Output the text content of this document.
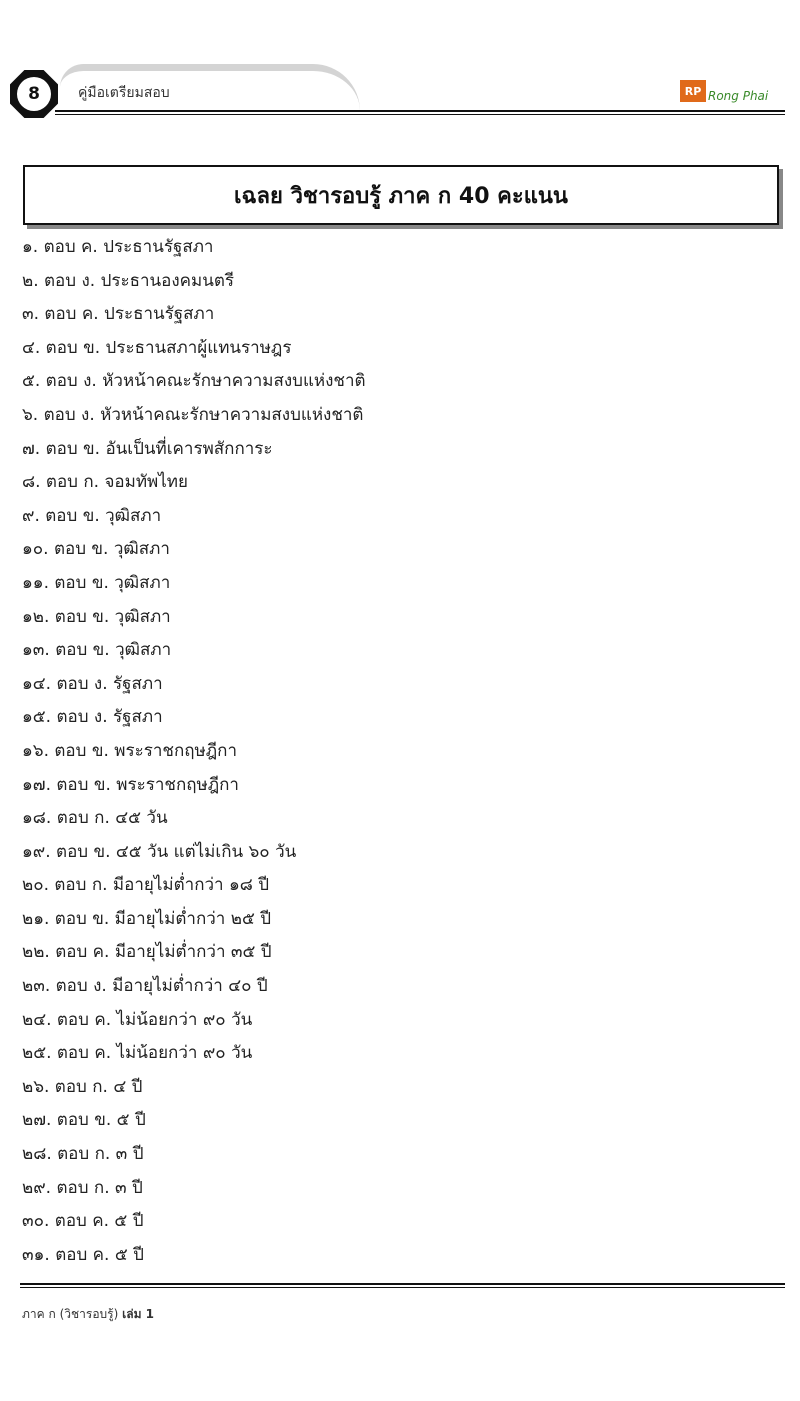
8	คู่มือเตรียมสอบ	RP Rong Phai
เฉลย วิชารอบรู้ ภาค ก 40 คะแนน
๑. ตอบ ค. ประธานรัฐสภา
๒. ตอบ ง. ประธานองคมนตรี
๓. ตอบ ค. ประธานรัฐสภา
๔. ตอบ ข. ประธานสภาผู้แทนราษฎร
๕. ตอบ ง. หัวหน้าคณะรักษาความสงบแห่งชาติ
๖. ตอบ ง. หัวหน้าคณะรักษาความสงบแห่งชาติ
๗. ตอบ ข. อันเป็นที่เคารพสักการะ
๘. ตอบ ก. จอมทัพไทย
๙. ตอบ ข. วุฒิสภา
๑๐. ตอบ ข. วุฒิสภา
๑๑. ตอบ ข. วุฒิสภา
๑๒. ตอบ ข. วุฒิสภา
๑๓. ตอบ ข. วุฒิสภา
๑๔. ตอบ ง. รัฐสภา
๑๕. ตอบ ง. รัฐสภา
๑๖. ตอบ ข. พระราชกฤษฎีกา
๑๗. ตอบ ข. พระราชกฤษฎีกา
๑๘. ตอบ ก. ๔๕ วัน
๑๙. ตอบ ข. ๔๕ วัน แต่ไม่เกิน ๖๐ วัน
๒๐. ตอบ ก. มีอายุไม่ต่ำกว่า ๑๘ ปี
๒๑. ตอบ ข. มีอายุไม่ต่ำกว่า ๒๕ ปี
๒๒. ตอบ ค. มีอายุไม่ต่ำกว่า ๓๕ ปี
๒๓. ตอบ ง. มีอายุไม่ต่ำกว่า ๔๐ ปี
๒๔. ตอบ ค. ไม่น้อยกว่า ๙๐ วัน
๒๕. ตอบ ค. ไม่น้อยกว่า ๙๐ วัน
๒๖. ตอบ ก. ๔ ปี
๒๗. ตอบ ข. ๕ ปี
๒๘. ตอบ ก. ๓ ปี
๒๙. ตอบ ก. ๓ ปี
๓๐. ตอบ ค. ๕ ปี
๓๑. ตอบ ค. ๕ ปี
ภาค ก (วิชารอบรู้) เล่ม 1
